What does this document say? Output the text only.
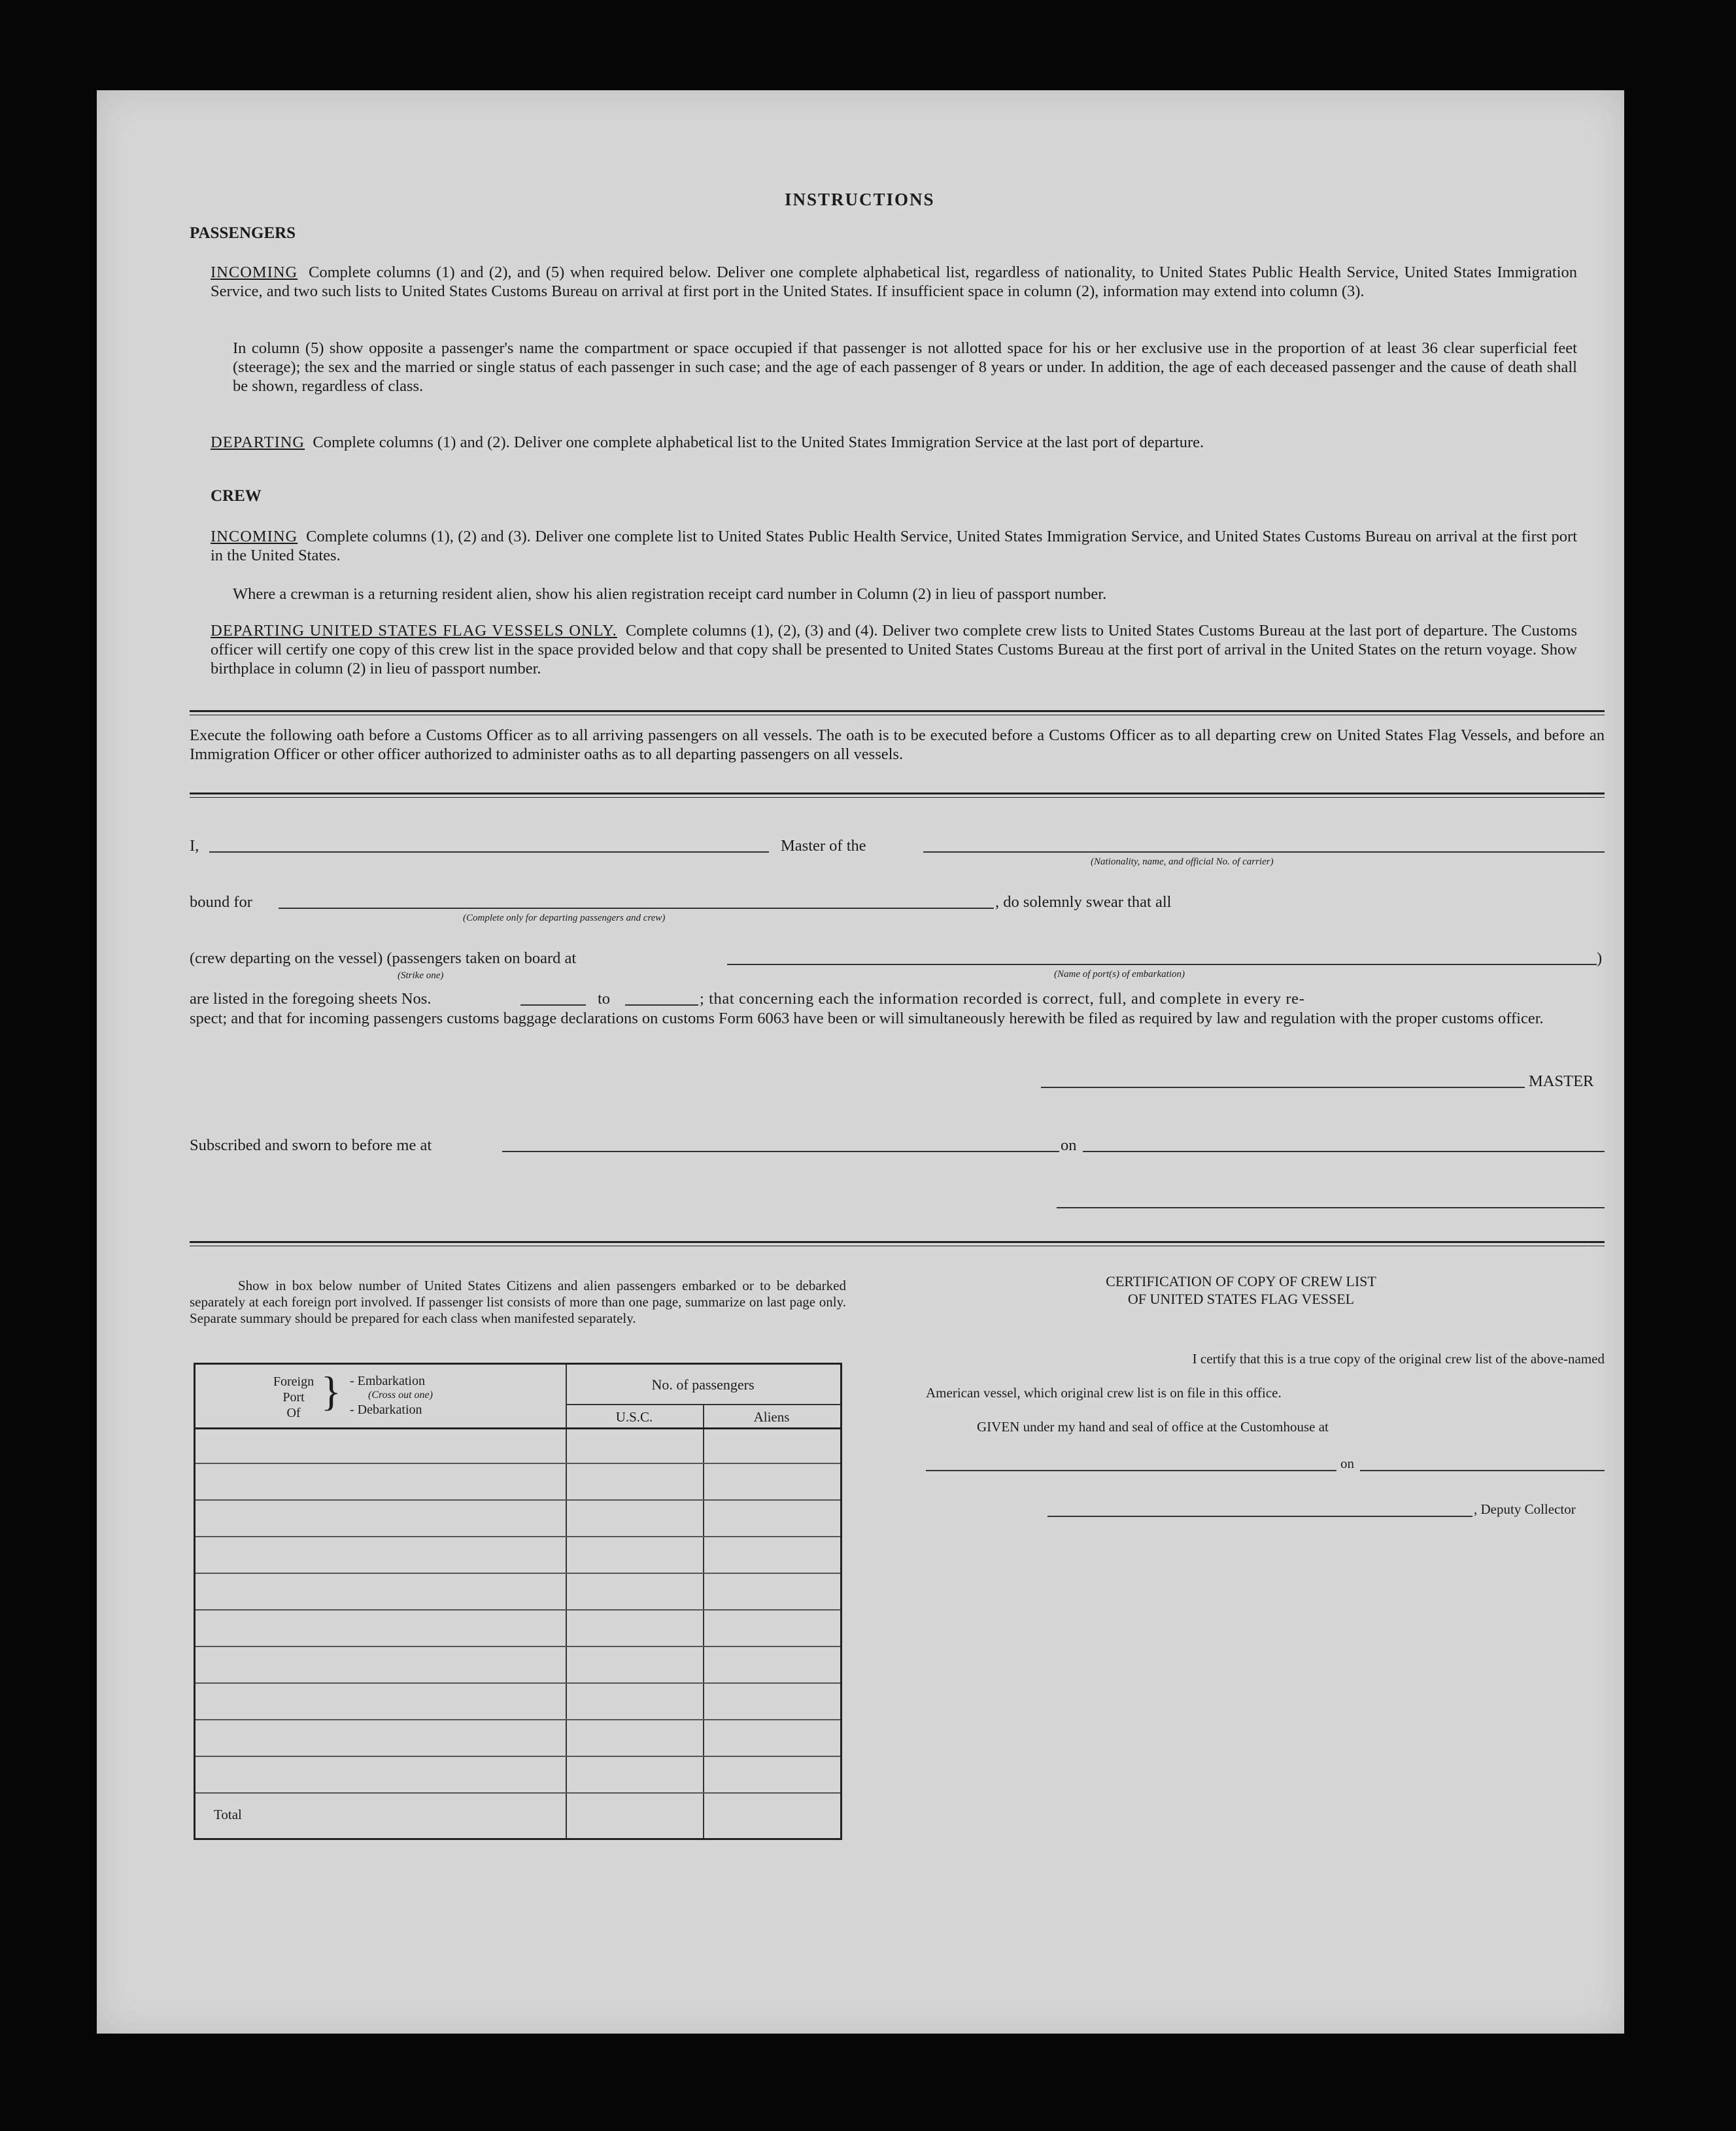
INSTRUCTIONS
PASSENGERS
INCOMING Complete columns (1) and (2), and (5) when required below. Deliver one complete alphabetical list, regardless of nationality, to United States Public Health Service, United States Immigration Service, and two such lists to United States Customs Bureau on arrival at first port in the United States. If insufficient space in column (2), information may extend into column (3).
In column (5) show opposite a passenger's name the compartment or space occupied if that passenger is not allotted space for his or her exclusive use in the proportion of at least 36 clear superficial feet (steerage); the sex and the married or single status of each passenger in such case; and the age of each passenger of 8 years or under. In addition, the age of each deceased passenger and the cause of death shall be shown, regardless of class.
DEPARTING Complete columns (1) and (2). Deliver one complete alphabetical list to the United States Immigration Service at the last port of departure.
CREW
INCOMING Complete columns (1), (2) and (3). Deliver one complete list to United States Public Health Service, United States Immigration Service, and United States Customs Bureau on arrival at the first port in the United States.
Where a crewman is a returning resident alien, show his alien registration receipt card number in Column (2) in lieu of passport number.
DEPARTING UNITED STATES FLAG VESSELS ONLY. Complete columns (1), (2), (3) and (4). Deliver two complete crew lists to United States Customs Bureau at the last port of departure. The Customs officer will certify one copy of this crew list in the space provided below and that copy shall be presented to United States Customs Bureau at the first port of arrival in the United States on the return voyage. Show birthplace in column (2) in lieu of passport number.
Execute the following oath before a Customs Officer as to all arriving passengers on all vessels. The oath is to be executed before a Customs Officer as to all departing crew on United States Flag Vessels, and before an Immigration Officer or other officer authorized to administer oaths as to all departing passengers on all vessels.
I,	Master of the
(Nationality, name, and official No. of carrier)
bound for
(Complete only for departing passengers and crew)
, do solemnly swear that all
(crew departing on the vessel) (passengers taken on board at
(Strike one)	(Name of port(s) of embarkation)
)
are listed in the foregoing sheets Nos.	to	; that concerning each the information recorded is correct, full, and complete in every re-
spect; and that for incoming passengers customs baggage declarations on customs Form 6063 have been or will simultaneously herewith be filed as required by law and regulation with the proper customs officer.
MASTER
Subscribed and sworn to before me at	on
Show in box below number of United States Citizens and alien passengers embarked or to be debarked separately at each foreign port involved. If passenger list consists of more than one page, summarize on last page only. Separate summary should be prepared for each class when manifested separately.
Foreign
Port
Of } - Embarkation
(Cross out one)
- Debarkation
No. of passengers
U.S.C.	Aliens
Total
CERTIFICATION OF COPY OF CREW LIST
OF UNITED STATES FLAG VESSEL
I certify that this is a true copy of the original crew list of the above-named
American vessel, which original crew list is on file in this office.
GIVEN under my hand and seal of office at the Customhouse at
on
, Deputy Collector
